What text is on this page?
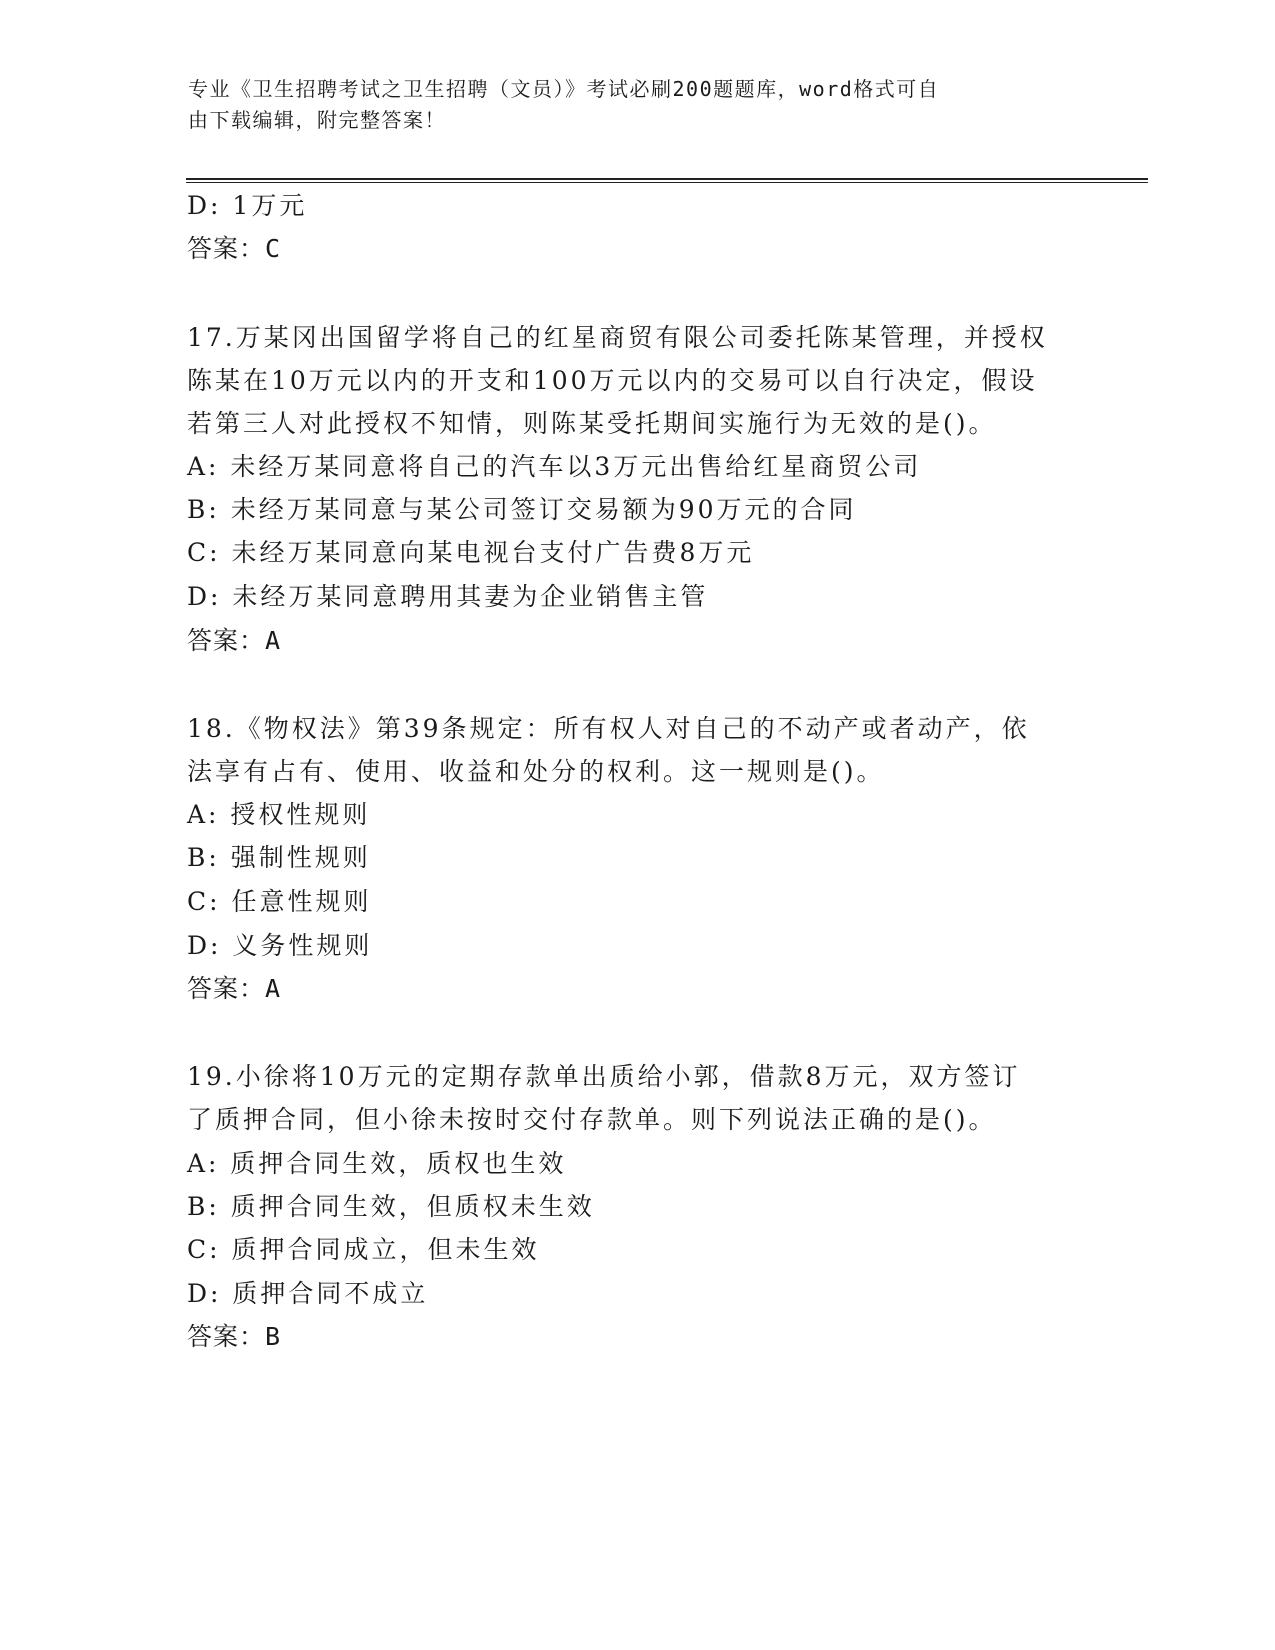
专业《卫生招聘考试之卫生招聘（文员）》考试必刷200题题库，word格式可自
由下载编辑，附完整答案！
D: 1万元
答案：C
17.万某冈出国留学将自己的红星商贸有限公司委托陈某管理，并授权
陈某在10万元以内的开支和100万元以内的交易可以自行决定，假设
若第三人对此授权不知情，则陈某受托期间实施行为无效的是()。
A: 未经万某同意将自己的汽车以3万元出售给红星商贸公司
B: 未经万某同意与某公司签订交易额为90万元的合同
C: 未经万某同意向某电视台支付广告费8万元
D: 未经万某同意聘用其妻为企业销售主管
答案：A
18.《物权法》第39条规定：所有权人对自己的不动产或者动产，依
法享有占有、使用、收益和处分的权利。这一规则是()。
A: 授权性规则
B: 强制性规则
C: 任意性规则
D: 义务性规则
答案：A
19.小徐将10万元的定期存款单出质给小郭，借款8万元，双方签订
了质押合同，但小徐未按时交付存款单。则下列说法正确的是()。
A: 质押合同生效，质权也生效
B: 质押合同生效，但质权未生效
C: 质押合同成立，但未生效
D: 质押合同不成立
答案：B
